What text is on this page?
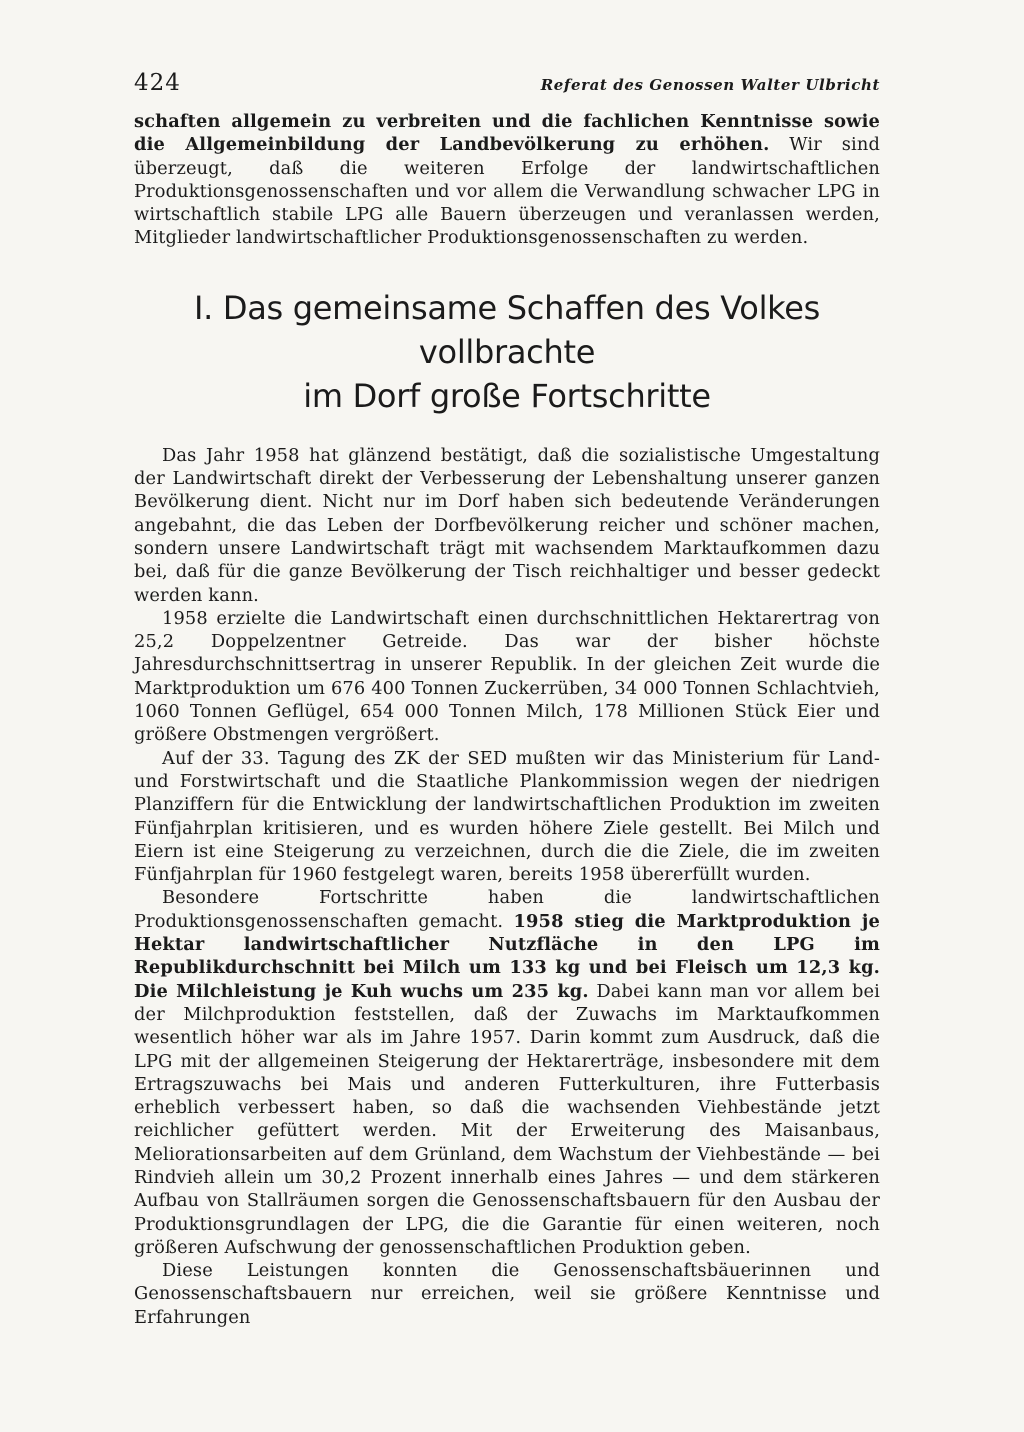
424	Referat des Genossen Walter Ulbricht

schaften allgemein zu verbreiten und die fachlichen Kenntnisse sowie die Allgemeinbildung der Landbevölkerung zu erhöhen. Wir sind überzeugt, daß die weiteren Erfolge der landwirtschaftlichen Produktionsgenossenschaften und vor allem die Verwandlung schwacher LPG in wirtschaftlich stabile LPG alle Bauern überzeugen und veranlassen werden, Mitglieder landwirtschaftlicher Produktionsgenossenschaften zu werden.

I. Das gemeinsame Schaffen des Volkes vollbrachte
im Dorf große Fortschritte

Das Jahr 1958 hat glänzend bestätigt, daß die sozialistische Umgestaltung der Landwirtschaft direkt der Verbesserung der Lebenshaltung unserer ganzen Bevölkerung dient. Nicht nur im Dorf haben sich bedeutende Veränderungen angebahnt, die das Leben der Dorfbevölkerung reicher und schöner machen, sondern unsere Landwirtschaft trägt mit wachsendem Marktaufkommen dazu bei, daß für die ganze Bevölkerung der Tisch reichhaltiger und besser gedeckt werden kann.

1958 erzielte die Landwirtschaft einen durchschnittlichen Hektarertrag von 25,2 Doppelzentner Getreide. Das war der bisher höchste Jahresdurchschnittsertrag in unserer Republik. In der gleichen Zeit wurde die Marktproduktion um 676 400 Tonnen Zuckerrüben, 34 000 Tonnen Schlachtvieh, 1060 Tonnen Geflügel, 654 000 Tonnen Milch, 178 Millionen Stück Eier und größere Obstmengen vergrößert.

Auf der 33. Tagung des ZK der SED mußten wir das Ministerium für Land- und Forstwirtschaft und die Staatliche Plankommission wegen der niedrigen Planziffern für die Entwicklung der landwirtschaftlichen Produktion im zweiten Fünfjahrplan kritisieren, und es wurden höhere Ziele gestellt. Bei Milch und Eiern ist eine Steigerung zu verzeichnen, durch die die Ziele, die im zweiten Fünfjahrplan für 1960 festgelegt waren, bereits 1958 übererfüllt wurden.

Besondere Fortschritte haben die landwirtschaftlichen Produktionsgenossenschaften gemacht. 1958 stieg die Marktproduktion je Hektar landwirtschaftlicher Nutzfläche in den LPG im Republikdurchschnitt bei Milch um 133 kg und bei Fleisch um 12,3 kg. Die Milchleistung je Kuh wuchs um 235 kg. Dabei kann man vor allem bei der Milchproduktion feststellen, daß der Zuwachs im Marktaufkommen wesentlich höher war als im Jahre 1957. Darin kommt zum Ausdruck, daß die LPG mit der allgemeinen Steigerung der Hektarerträge, insbesondere mit dem Ertragszuwachs bei Mais und anderen Futterkulturen, ihre Futterbasis erheblich verbessert haben, so daß die wachsenden Viehbestände jetzt reichlicher gefüttert werden. Mit der Erweiterung des Maisanbaus, Meliorationsarbeiten auf dem Grünland, dem Wachstum der Viehbestände — bei Rindvieh allein um 30,2 Prozent innerhalb eines Jahres — und dem stärkeren Aufbau von Stallräumen sorgen die Genossenschaftsbauern für den Ausbau der Produktionsgrundlagen der LPG, die die Garantie für einen weiteren, noch größeren Aufschwung der genossenschaftlichen Produktion geben.

Diese Leistungen konnten die Genossenschaftsbäuerinnen und Genossenschaftsbauern nur erreichen, weil sie größere Kenntnisse und Erfahrungen
